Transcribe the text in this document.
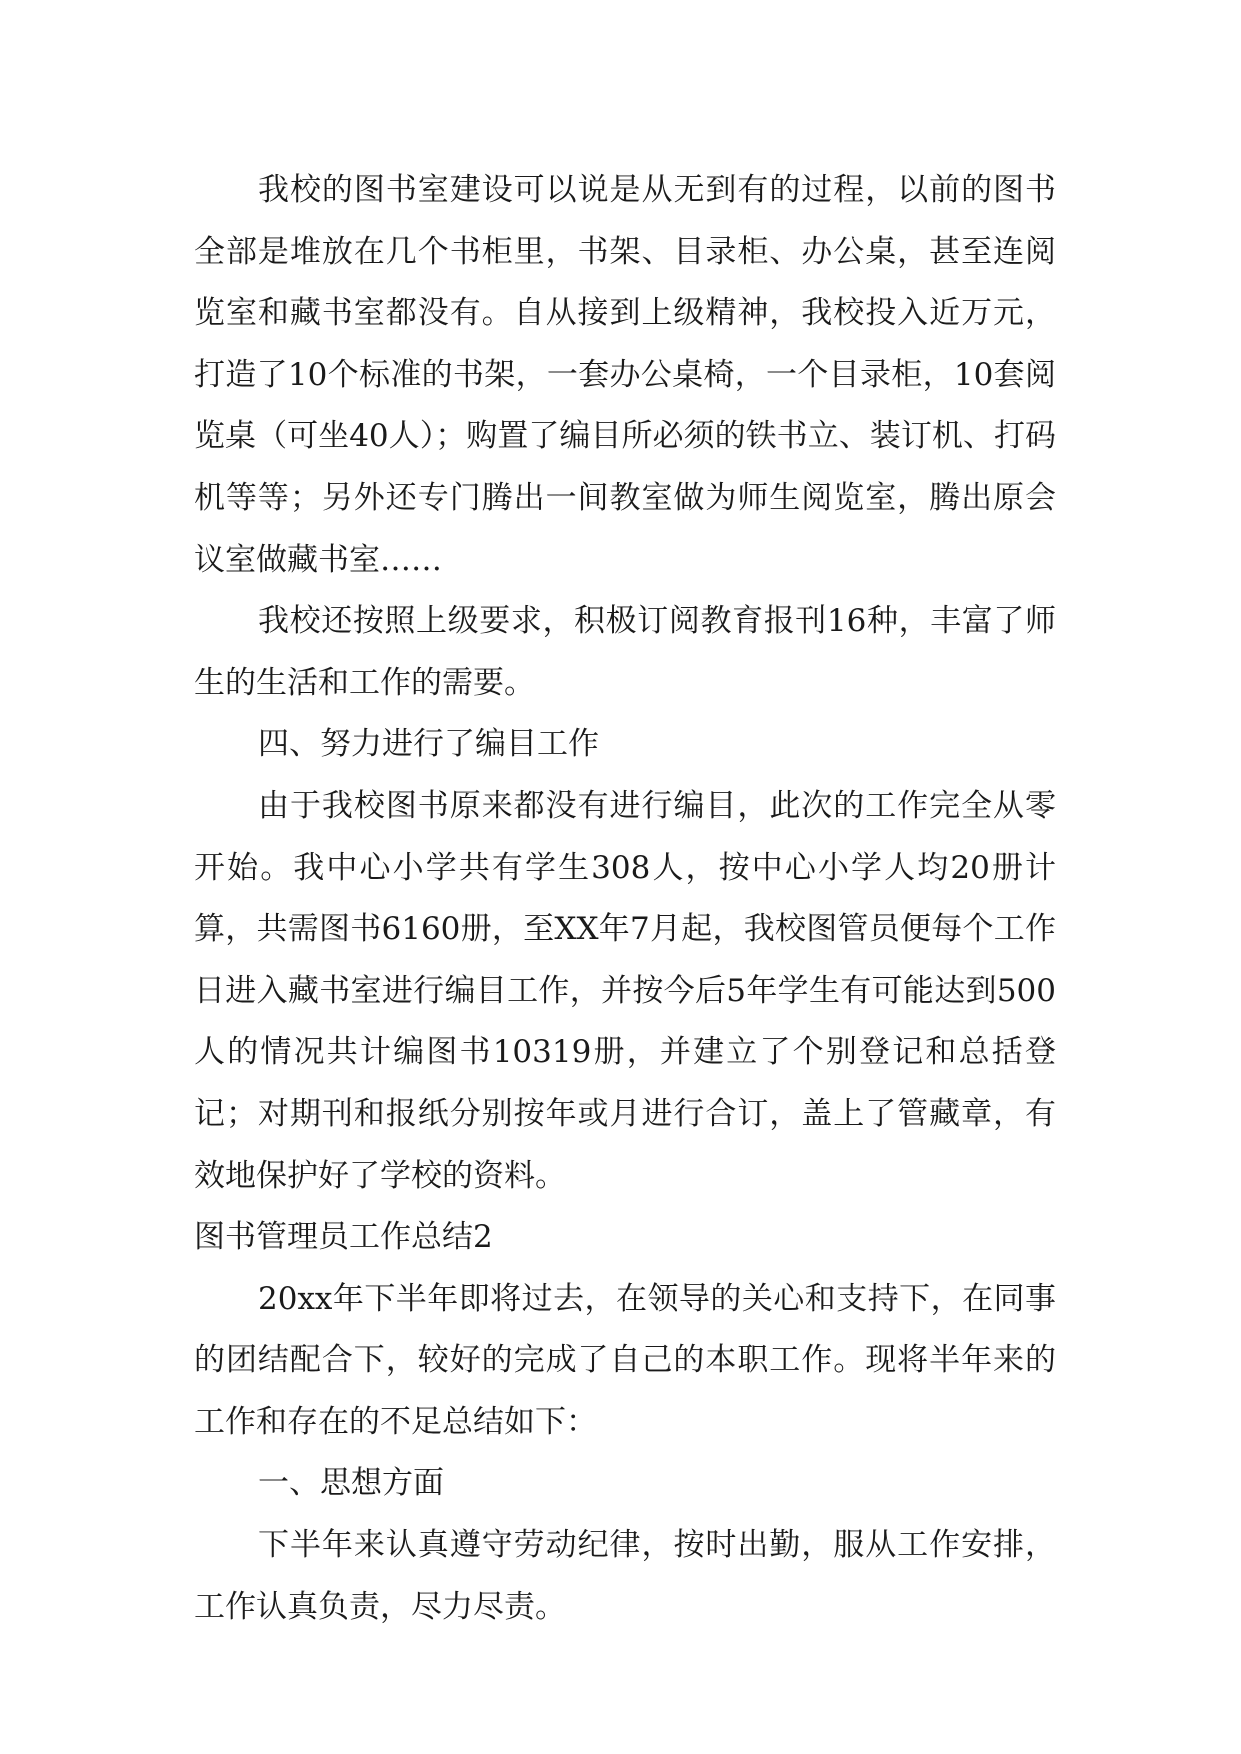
我校的图书室建设可以说是从无到有的过程，以前的图书全部是堆放在几个书柜里，书架、目录柜、办公桌，甚至连阅览室和藏书室都没有。自从接到上级精神，我校投入近万元，打造了10个标准的书架，一套办公桌椅，一个目录柜，10套阅览桌（可坐40人）；购置了编目所必须的铁书立、装订机、打码机等等；另外还专门腾出一间教室做为师生阅览室，腾出原会议室做藏书室……

我校还按照上级要求，积极订阅教育报刊16种，丰富了师生的生活和工作的需要。

四、努力进行了编目工作

由于我校图书原来都没有进行编目，此次的工作完全从零开始。我中心小学共有学生308人，按中心小学人均20册计算，共需图书6160册，至XX年7月起，我校图管员便每个工作日进入藏书室进行编目工作，并按今后5年学生有可能达到500人的情况共计编图书10319册，并建立了个别登记和总括登记；对期刊和报纸分别按年或月进行合订，盖上了管藏章，有效地保护好了学校的资料。

图书管理员工作总结2

20xx年下半年即将过去，在领导的关心和支持下，在同事的团结配合下，较好的完成了自己的本职工作。现将半年来的工作和存在的不足总结如下：

一、思想方面

下半年来认真遵守劳动纪律，按时出勤，服从工作安排，工作认真负责，尽力尽责。
